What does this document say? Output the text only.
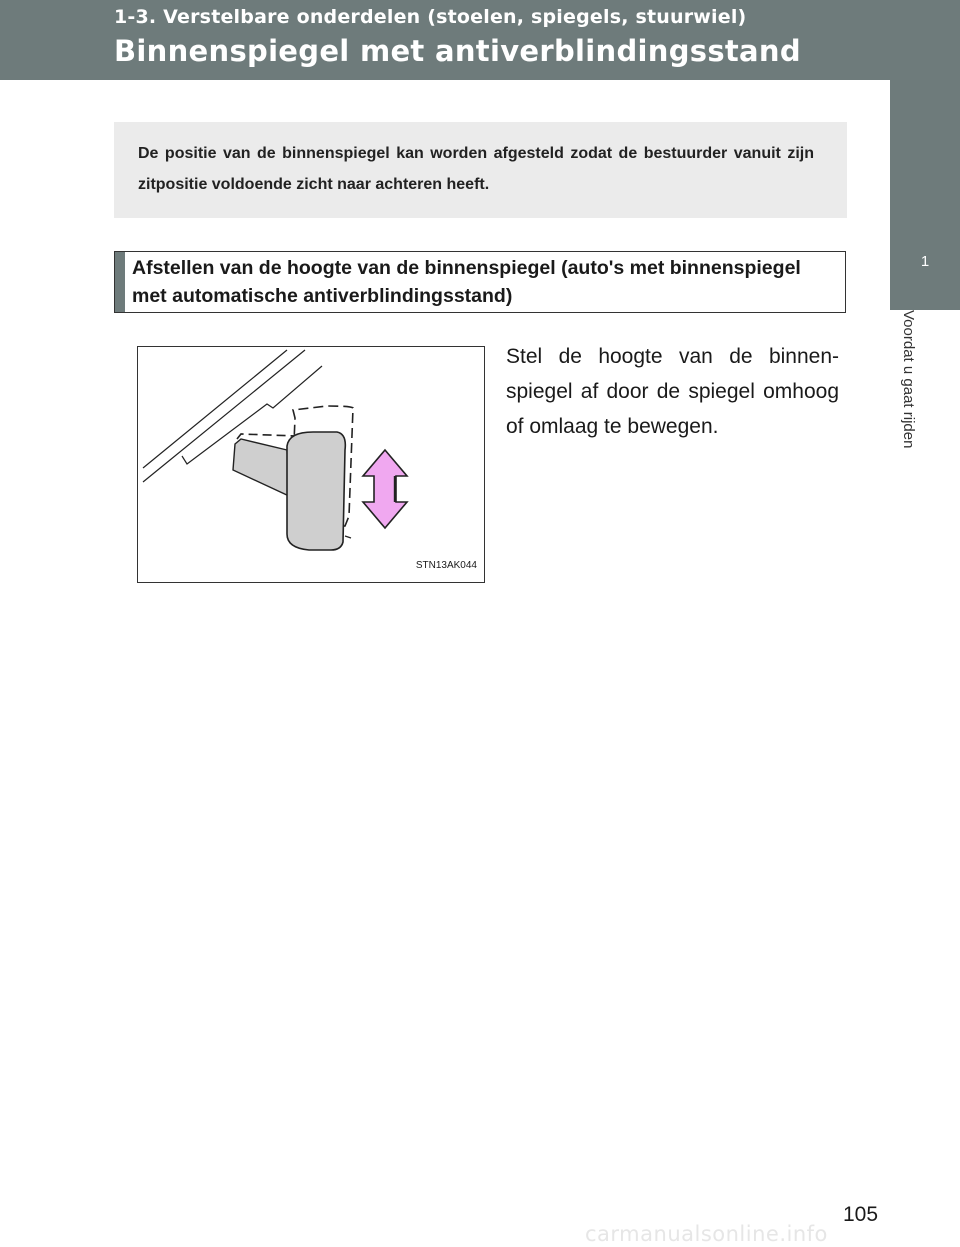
1-3. Verstelbare onderdelen (stoelen, spiegels, stuurwiel)
Binnenspiegel met antiverblindingsstand
1
Voordat u gaat rijden
De positie van de binnenspiegel kan worden afgesteld zodat de bestuurder vanuit zijn zitpositie voldoende zicht naar achteren heeft.
Afstellen van de hoogte van de binnenspiegel (auto's met binnenspiegel met automatische antiverblindingsstand)
STN13AK044
Stel de hoogte van de binnen-spiegel af door de spiegel omhoog of omlaag te bewegen.
105
carmanualsonline.info
